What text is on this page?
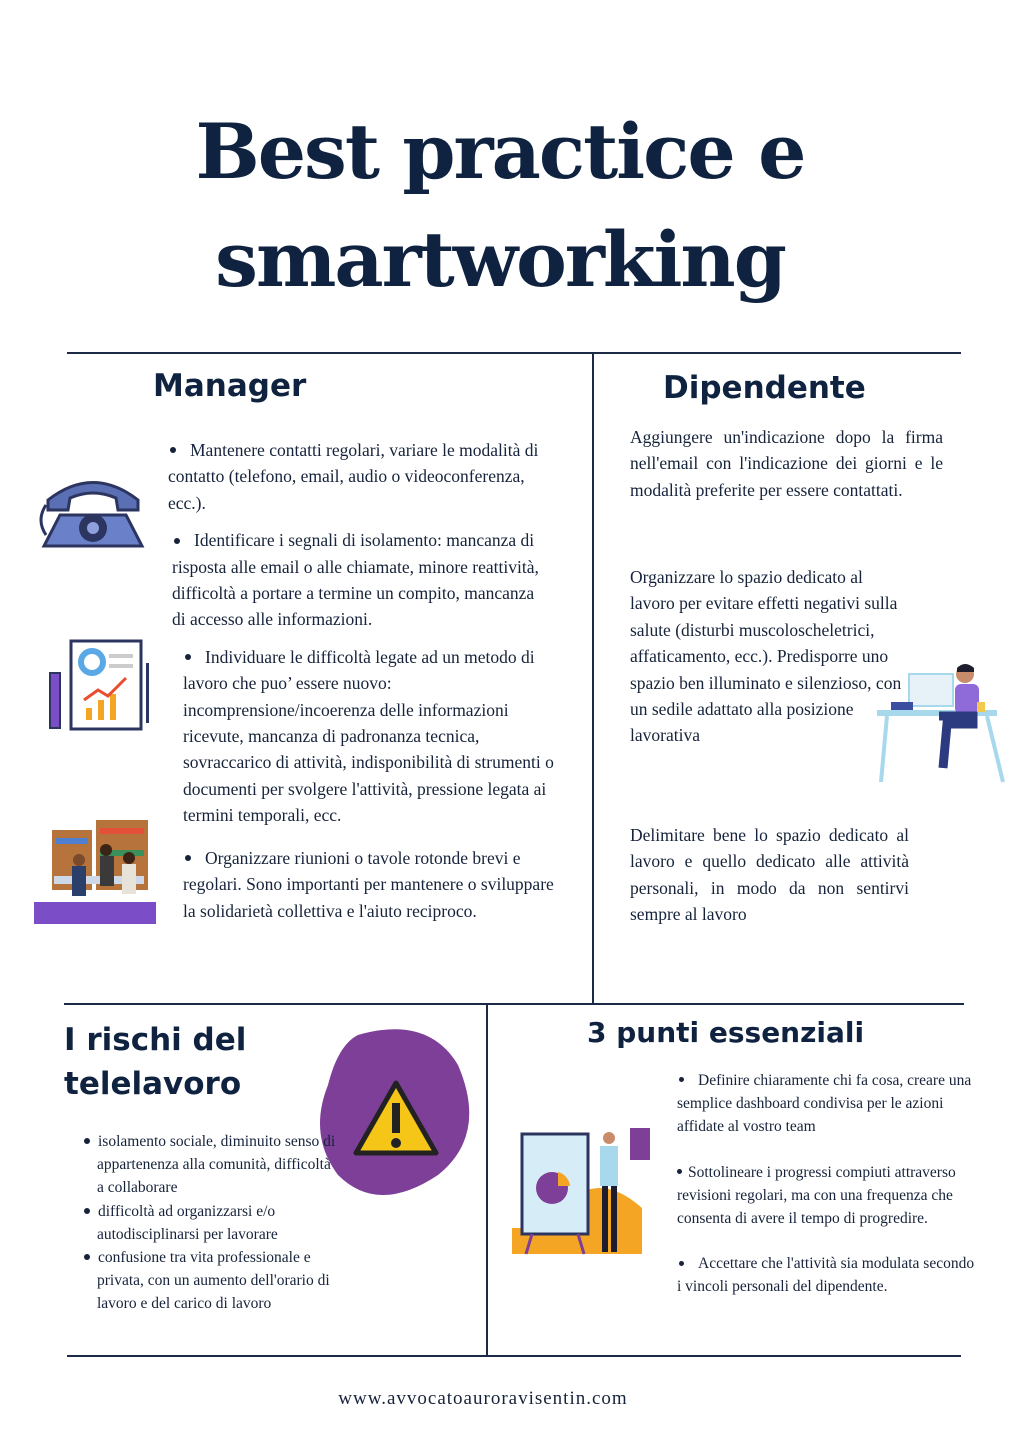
Best practice e
smartworking
Manager

Mantenere contatti regolari, variare le modalità di contatto (telefono, email, audio o videoconferenza, ecc.).

Identificare i segnali di isolamento: mancanza di risposta alle email o alle chiamate, minore reattività, difficoltà a portare a termine un compito, mancanza di accesso alle informazioni.

Individuare le difficoltà legate ad un metodo di lavoro che puo’ essere nuovo: incomprensione/incoerenza delle informazioni ricevute, mancanza di padronanza tecnica, sovraccarico di attività, indisponibilità di strumenti o documenti per svolgere l'attività, pressione legata ai termini temporali, ecc.

Organizzare riunioni o tavole rotonde brevi e regolari. Sono importanti per mantenere o sviluppare la solidarietà collettiva e l'aiuto reciproco.

Dipendente
Aggiungere un'indicazione dopo la firma nell'email con l'indicazione dei giorni e le modalità preferite per essere contattati.
Organizzare lo spazio dedicato al lavoro per evitare effetti negativi sulla salute (disturbi muscoloscheletrici, affaticamento, ecc.). Predisporre uno spazio ben illuminato e silenzioso, con un sedile adattato alla posizione lavorativa
Delimitare bene lo spazio dedicato al lavoro e quello dedicato alle attività personali, in modo da non sentirvi sempre al lavoro
I rischi del
telelavoro
isolamento sociale, diminuito senso di appartenenza alla comunità, difficoltà a collaborare
difficoltà ad organizzarsi e/o autodisciplinarsi per lavorare
confusione tra vita professionale e privata, con un aumento dell'orario di lavoro e del carico di lavoro
3 punti essenziali

Definire chiaramente chi fa cosa, creare una semplice dashboard condivisa per le azioni affidate al vostro team

Sottolineare i progressi compiuti attraverso revisioni regolari, ma con una frequenza che consenta di avere il tempo di progredire.

Accettare che l'attività sia modulata secondo i vincoli personali del dipendente.

www.avvocatoauroravisentin.com
